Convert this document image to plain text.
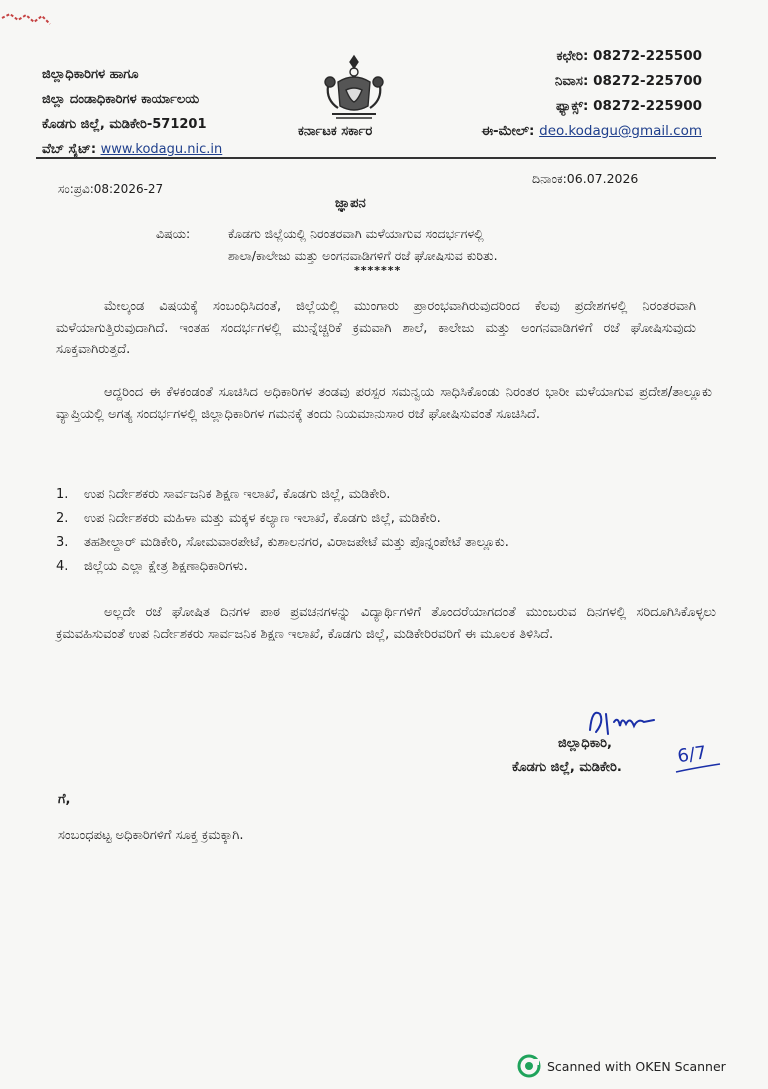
ಜಿಲ್ಲಾಧಿಕಾರಿಗಳ ಹಾಗೂ
ಜಿಲ್ಲಾ ದಂಡಾಧಿಕಾರಿಗಳ ಕಾರ್ಯಾಲಯ
ಕೊಡಗು ಜಿಲ್ಲೆ, ಮಡಿಕೇರಿ-571201
ವೆಬ್ ಸೈಟ್: www.kodagu.nic.in
ಕರ್ನಾಟಕ ಸರ್ಕಾರ
ಕಛೇರಿ: 08272-225500
ನಿವಾಸ: 08272-225700
ಫ್ಯಾಕ್ಸ್: 08272-225900
ಈ-ಮೇಲ್: deo.kodagu@gmail.com
ಸಂ:ಪ್ರವಿ:08:2026-27
ದಿನಾಂಕ:06.07.2026
ಜ್ಞಾಪನ
ವಿಷಯ:	ಕೊಡಗು ಜಿಲ್ಲೆಯಲ್ಲಿ ನಿರಂತರವಾಗಿ ಮಳೆಯಾಗುವ ಸಂದರ್ಭಗಳಲ್ಲಿ
ಶಾಲಾ/ಕಾಲೇಜು ಮತ್ತು ಅಂಗನವಾಡಿಗಳಿಗೆ ರಜೆ ಘೋಷಿಸುವ ಕುರಿತು.
*******
ಮೇಲ್ಕಂಡ ವಿಷಯಕ್ಕೆ ಸಂಬಂಧಿಸಿದಂತೆ, ಜಿಲ್ಲೆಯಲ್ಲಿ ಮುಂಗಾರು ಪ್ರಾರಂಭವಾಗಿರುವುದರಿಂದ ಕೆಲವು ಪ್ರದೇಶಗಳಲ್ಲಿ ನಿರಂತರವಾಗಿ ಮಳೆಯಾಗುತ್ತಿರುವುದಾಗಿದೆ. ಇಂತಹ ಸಂದರ್ಭಗಳಲ್ಲಿ ಮುನ್ನೆಚ್ಚರಿಕೆ ಕ್ರಮವಾಗಿ ಶಾಲೆ, ಕಾಲೇಜು ಮತ್ತು ಅಂಗನವಾಡಿಗಳಿಗೆ ರಜೆ ಘೋಷಿಸುವುದು ಸೂಕ್ತವಾಗಿರುತ್ತದೆ.
ಆದ್ದರಿಂದ ಈ ಕೆಳಕಂಡಂತೆ ಸೂಚಿಸಿದ ಅಧಿಕಾರಿಗಳ ತಂಡವು ಪರಸ್ಪರ ಸಮನ್ವಯ ಸಾಧಿಸಿಕೊಂಡು ನಿರಂತರ ಭಾರೀ ಮಳೆಯಾಗುವ ಪ್ರದೇಶ/ತಾಲ್ಲೂಕು ವ್ಯಾಪ್ತಿಯಲ್ಲಿ ಅಗತ್ಯ ಸಂದರ್ಭಗಳಲ್ಲಿ ಜಿಲ್ಲಾಧಿಕಾರಿಗಳ ಗಮನಕ್ಕೆ ತಂದು ನಿಯಮಾನುಸಾರ ರಜೆ ಘೋಷಿಸುವಂತೆ ಸೂಚಿಸಿದೆ.
1.	ಉಪ ನಿರ್ದೇಶಕರು ಸಾರ್ವಜನಿಕ ಶಿಕ್ಷಣ ಇಲಾಖೆ, ಕೊಡಗು ಜಿಲ್ಲೆ, ಮಡಿಕೇರಿ.
2.	ಉಪ ನಿರ್ದೇಶಕರು ಮಹಿಳಾ ಮತ್ತು ಮಕ್ಕಳ ಕಲ್ಯಾಣ ಇಲಾಖೆ, ಕೊಡಗು ಜಿಲ್ಲೆ, ಮಡಿಕೇರಿ.
3.	ತಹಶೀಲ್ದಾರ್ ಮಡಿಕೇರಿ, ಸೋಮವಾರಪೇಟೆ, ಕುಶಾಲನಗರ, ವಿರಾಜಪೇಟೆ ಮತ್ತು ಪೊನ್ನಂಪೇಟೆ ತಾಲ್ಲೂಕು.
4.	ಜಿಲ್ಲೆಯ ಎಲ್ಲಾ ಕ್ಷೇತ್ರ ಶಿಕ್ಷಣಾಧಿಕಾರಿಗಳು.
ಅಲ್ಲದೇ ರಜೆ ಘೋಷಿತ ದಿನಗಳ ಪಾಠ ಪ್ರವಚನಗಳನ್ನು ವಿದ್ಯಾರ್ಥಿಗಳಿಗೆ ತೊಂದರೆಯಾಗದಂತೆ ಮುಂಬರುವ ದಿನಗಳಲ್ಲಿ ಸರಿದೂಗಿಸಿಕೊಳ್ಳಲು ಕ್ರಮವಹಿಸುವಂತೆ ಉಪ ನಿರ್ದೇಶಕರು ಸಾರ್ವಜನಿಕ ಶಿಕ್ಷಣ ಇಲಾಖೆ, ಕೊಡಗು ಜಿಲ್ಲೆ, ಮಡಿಕೇರಿರವರಿಗೆ ಈ ಮೂಲಕ ತಿಳಿಸಿದೆ.
ಜಿಲ್ಲಾಧಿಕಾರಿ,
ಕೊಡಗು ಜಿಲ್ಲೆ, ಮಡಿಕೇರಿ.
6/7
ಗೆ,
ಸಂಬಂಧಪಟ್ಟ ಅಧಿಕಾರಿಗಳಿಗೆ ಸೂಕ್ತ ಕ್ರಮಕ್ಕಾಗಿ.
Scanned with OKEN Scanner
